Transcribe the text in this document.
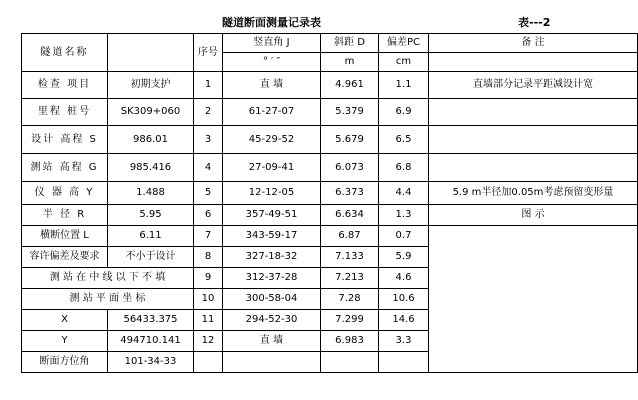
隧道断面测量记录表	表---2
隧道名称		序号	竖直角 J	斜距 D	偏差PC	备 注
			° ′ ″	m	cm	
检查 项目	初期支护	1	直 墙	4.961	1.1	直墙部分记录平距减设计宽
里程 桩号	SK309+060	2	61-27-07	5.379	6.9	
设计 高程 S	986.01	3	45-29-52	5.679	6.5	
测站 高程 G	985.416	4	27-09-41	6.073	6.8	
仪 器 高 Y	1.488	5	12-12-05	6.373	4.4	5.9 m半径加0.05m考虑预留变形量
半 径 R	5.95	6	357-49-51	6.634	1.3	图 示
横断位置 L	6.11	7	343-59-17	6.87	0.7	
容许偏差及要求	不小于设计	8	327-18-32	7.133	5.9	
测 站 在 中 线 以 下 不 填		9	312-37-28	7.213	4.6	
测 站 平 面 坐 标		10	300-58-04	7.28	10.6	
X	56433.375	11	294-52-30	7.299	14.6	
Y	494710.141	12	直 墙	6.983	3.3	
断面方位角	101-34-33					
